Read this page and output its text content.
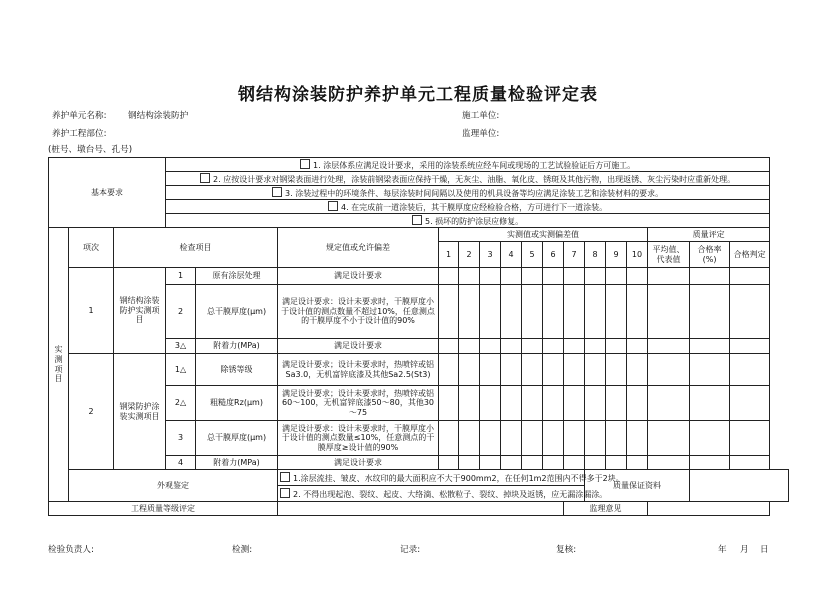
钢结构涂装防护养护单元工程质量检验评定表
养护单元名称:	钢结构涂装防护	施工单位:
养护工程部位:	监理单位:
(桩号、墩台号、孔号)
基本要求			1. 涂层体系应满足设计要求，采用的涂装系统应经车间或现场的工艺试验验证后方可施工。															
			2. 应按设计要求对钢梁表面进行处理，涂装前钢梁表面应保持干燥，无灰尘、油脂、氧化皮、锈斑及其他污物，出现返锈、灰尘污染时应重新处理。															
			3. 涂装过程中的环境条件、每层涂装时间间隔以及使用的机具设备等均应满足涂装工艺和涂装材料的要求。															
			4. 在完成前一道涂装后，其干膜厚度应经检验合格，方可进行下一道涂装。															
			5. 损坏的防护涂层应修复。															
实测项目	项次	检查项目			规定值或允许偏差	实测值或实测偏差值										质量评定		
						1	2	3	4	5	6	7	8	9	10	平均值、代表值	合格率(%)	合格判定
	1	钢结构涂装防护实测项目	1	原有涂层处理	满足设计要求													
			2	总干膜厚度(μm)	满足设计要求：设计未要求时，干膜厚度小于设计值的测点数量不超过10%，任意测点的干膜厚度不小于设计值的90%													
			3△	附着力(MPa)	满足设计要求													
	2	钢梁防护涂装实测项目	1△	除锈等级	满足设计要求；设计未要求时，热喷锌或铝Sa3.0，无机富锌底漆及其他Sa2.5(St3)													
			2△	粗糙度Rz(μm)	满足设计要求；设计未要求时，热喷锌或铝60～100，无机富锌底漆50～80，其他30～75													
			3	总干膜厚度(μm)	满足设计要求：设计未要求时，干膜厚度小于设计值的测点数量≤10%，任意测点的干膜厚度≥设计值的90%													
			4	附着力(MPa)	满足设计要求													
	外观鉴定				1.涂层流挂、皱皮、水纹印的最大面积应不大于900mm2，在任何1m2范围内不得多于2块。								质量保证资料					
					2. 不得出现起泡、裂纹、起皮、大络滴、松散粒子、裂纹、掉块及返锈，应无漏涂漏涂。													
工程质量等级评定												监理意见						
检验负责人:	检测:	记录:	复核:	年 月 日
